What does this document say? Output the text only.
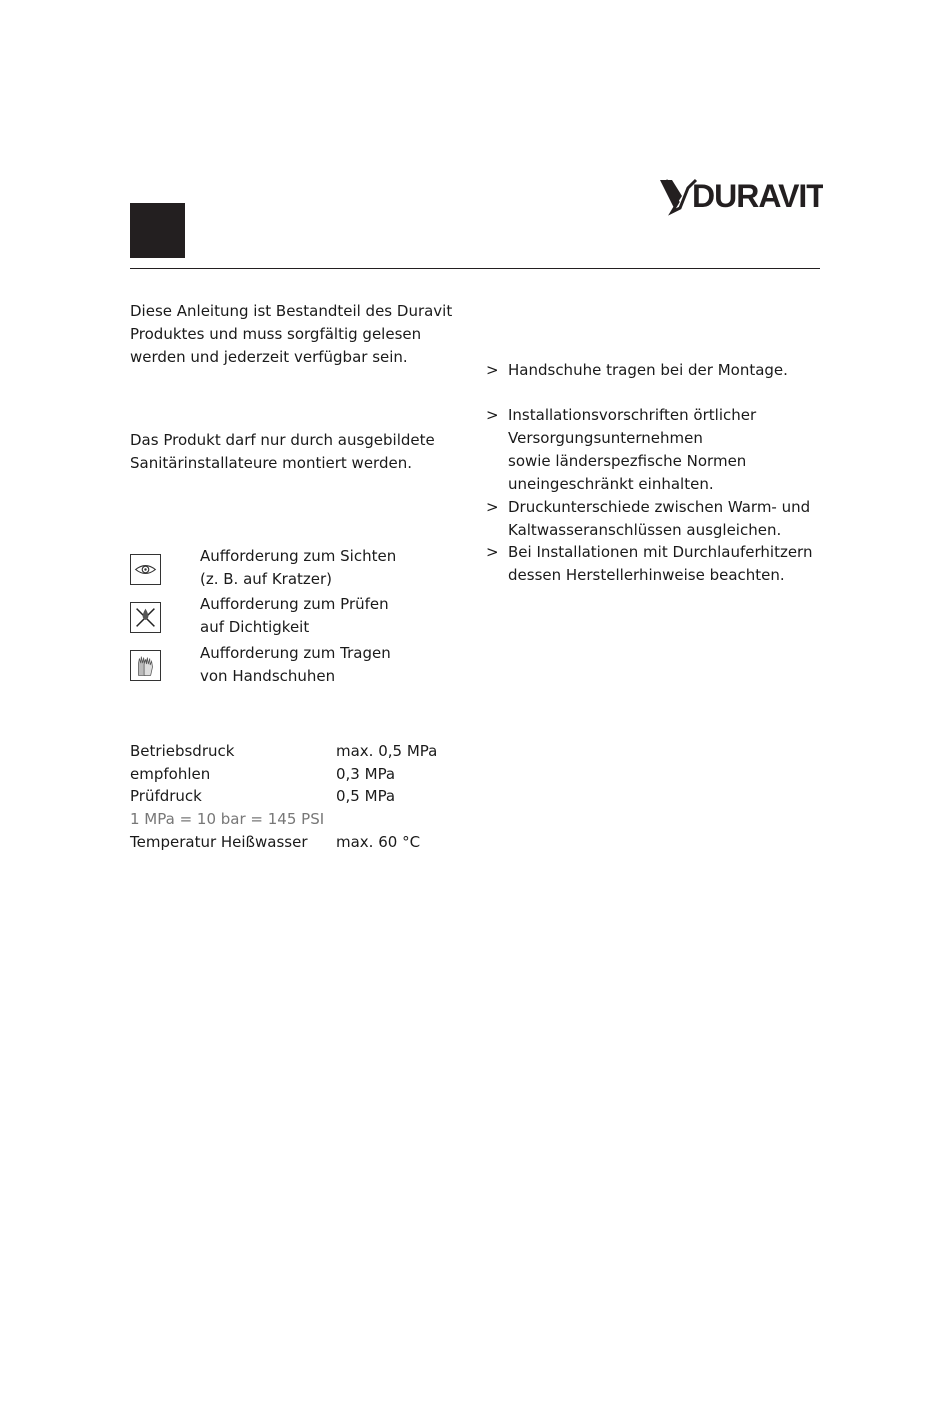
DURAVIT
Diese Anleitung ist Bestandteil des Duravit
Produktes und muss sorgfältig gelesen
werden und jederzeit verfügbar sein.
Das Produkt darf nur durch ausgebildete
Sanitärinstallateure montiert werden.
Aufforderung zum Sichten
(z. B. auf Kratzer)
Aufforderung zum Prüfen
auf Dichtigkeit
Aufforderung zum Tragen
von Handschuhen
Betriebsdruck	max. 0,5 MPa
empfohlen	0,3 MPa
Prüfdruck	0,5 MPa
1 MPa = 10 bar = 145 PSI
Temperatur Heißwasser max. 60 °C
> Handschuhe tragen bei der Montage.
> Installationsvorschriften örtlicher
Versorgungsunternehmen
sowie länderspezfische Normen
uneingeschränkt einhalten.
> Druckunterschiede zwischen Warm- und
Kaltwasseranschlüssen ausgleichen.
> Bei Installationen mit Durchlauferhitzern
dessen Herstellerhinweise beachten.
